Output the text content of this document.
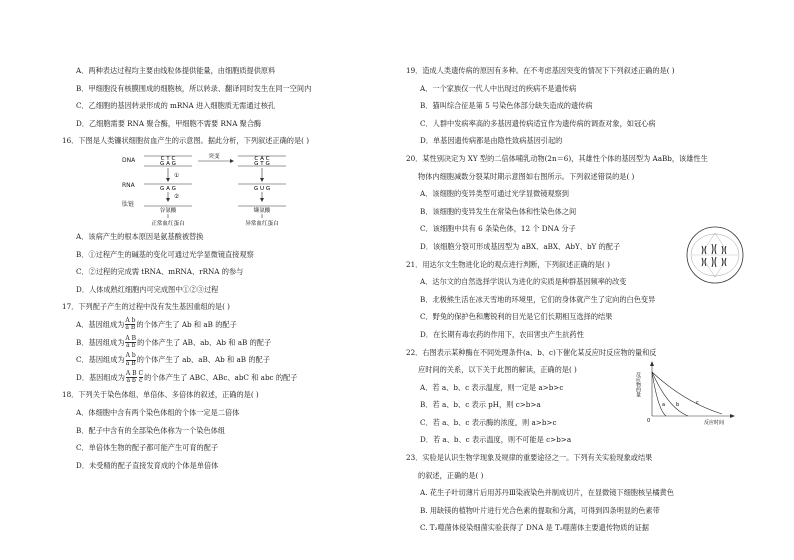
A．两种表达过程均主要由线粒体提供能量，由细胞质提供原料
B．甲细胞没有核膜围成的细胞核，所以转录、翻译同时发生在同一空间内
C．乙细胞的基因转录形成的 mRNA 进入细胞质无需通过核孔
D．乙细胞需要 RNA 聚合酶，甲细胞不需要 RNA 聚合酶
16．下图是人类镰状细胞贫血产生的示意图。据此分析，下列叙述正确的是( )
DNA
RNA
肽链
C T C
G A G
突变	C A C
G T G
①
G A G	G U G
②
谷氨酸	缬氨酸
正常血红蛋白	异常血红蛋白
A．该病产生的根本原因是氨基酸被替换
B．①过程产生的碱基的变化可通过光学显微镜直接观察
C．②过程的完成需 tRNA、mRNA、rRNA 的参与
D．人体成熟红细胞内可完成图中①②③过程
17．下列配子产生的过程中没有发生基因重组的是( )
A．基因组成为 $\frac{\text{A b}}{\text{a B}}$ 的个体产生了 Ab 和 aB 的配子
B．基因组成为 $\frac{\text{A B}}{\text{a b}}$ 的个体产生了 AB、ab、Ab 和 aB 的配子
C．基因组成为 $\frac{\text{A b}}{\text{a B}}$ 的个体产生了 ab、aB、Ab 和 aB 的配子
D．基因组成为 $\frac{\text{A B}}{\text{a b}} \frac{C}{c}$ 的个体产生了 ABC、ABc、abC 和 abc 的配子
18．下列关于染色体组、单倍体、多倍体的叙述，正确的是( )
A．体细胞中含有两个染色体组的个体一定是二倍体
B．配子中含有的全部染色体称为一个染色体组
C．单倍体生物的配子都可能产生可育的配子
D．未受精的配子直接发育成的个体是单倍体
19．造成人类遗传病的原因有多种。在不考虑基因突变的情况下下列叙述正确的是( )
A．一个家族仅一代人中出现过的疾病不是遗传病
B．猫叫综合征是第 5 号染色体部分缺失造成的遗传病
C．人群中发病率高的多基因遗传病适宜作为遗传病的调查对象，如冠心病
D．单基因遗传病都是由隐性致病基因引起的
20．某性别决定为 XY 型的二倍体哺乳动物(2n＝6)，其雄性个体的基因型为 AaBb，该雄性生
物体内细胞减数分裂某时期示意图如右图所示。下列叙述错误的是( )
A．该细胞的变异类型可通过光学显微镜观察到
B．该细胞的变异发生在常染色体和性染色体之间
C．该细胞中共有 6 条染色体，12 个 DNA 分子
D．该细胞分裂可形成基因型为 aBX、aBX、AbY、bY 的配子
21．用达尔文生物进化论的观点进行判断，下列叙述正确的是( )
A．达尔文的自然选择学说认为进化的实质是种群基因频率的改变
B．北极熊生活在冰天雪地的环境里，它们的身体就产生了定向的白色变异
C．野兔的保护色和鹰锐利的目光是它们长期相互选择的结果
D．在长期有毒农药的作用下，农田害虫产生抗药性
22．右图表示某种酶在不同处理条件(a、b、c)下催化某反应时反应物的量和反
应时间的关系，以下关于此图的解读，正确的是( )
A．若 a、b、c 表示温度，则一定是 a>b>c
B．若 a、b、c 表示 pH，则 c>b>a
C．若 a、b、c 表示酶的浓度，则 a>b>c
D．若 a、b、c 表示温度，则不可能是 c>b>a
23．实验是认识生物学现象及规律的重要途径之一。下列有关实验现象或结果
的叙述，正确的是( )
A. 花生子叶切薄片后用苏丹Ⅲ染液染色并制成切片，在显微镜下细胞核呈橘黄色
B. 用缺镁的植物叶片进行光合色素的提取和分离，可得到四条明显的色素带
C. T₂噬菌体侵染细菌实验获得了 DNA 是 T₂噬菌体主要遗传物质的证据
反应物的量
反应时间
0
a b	c
